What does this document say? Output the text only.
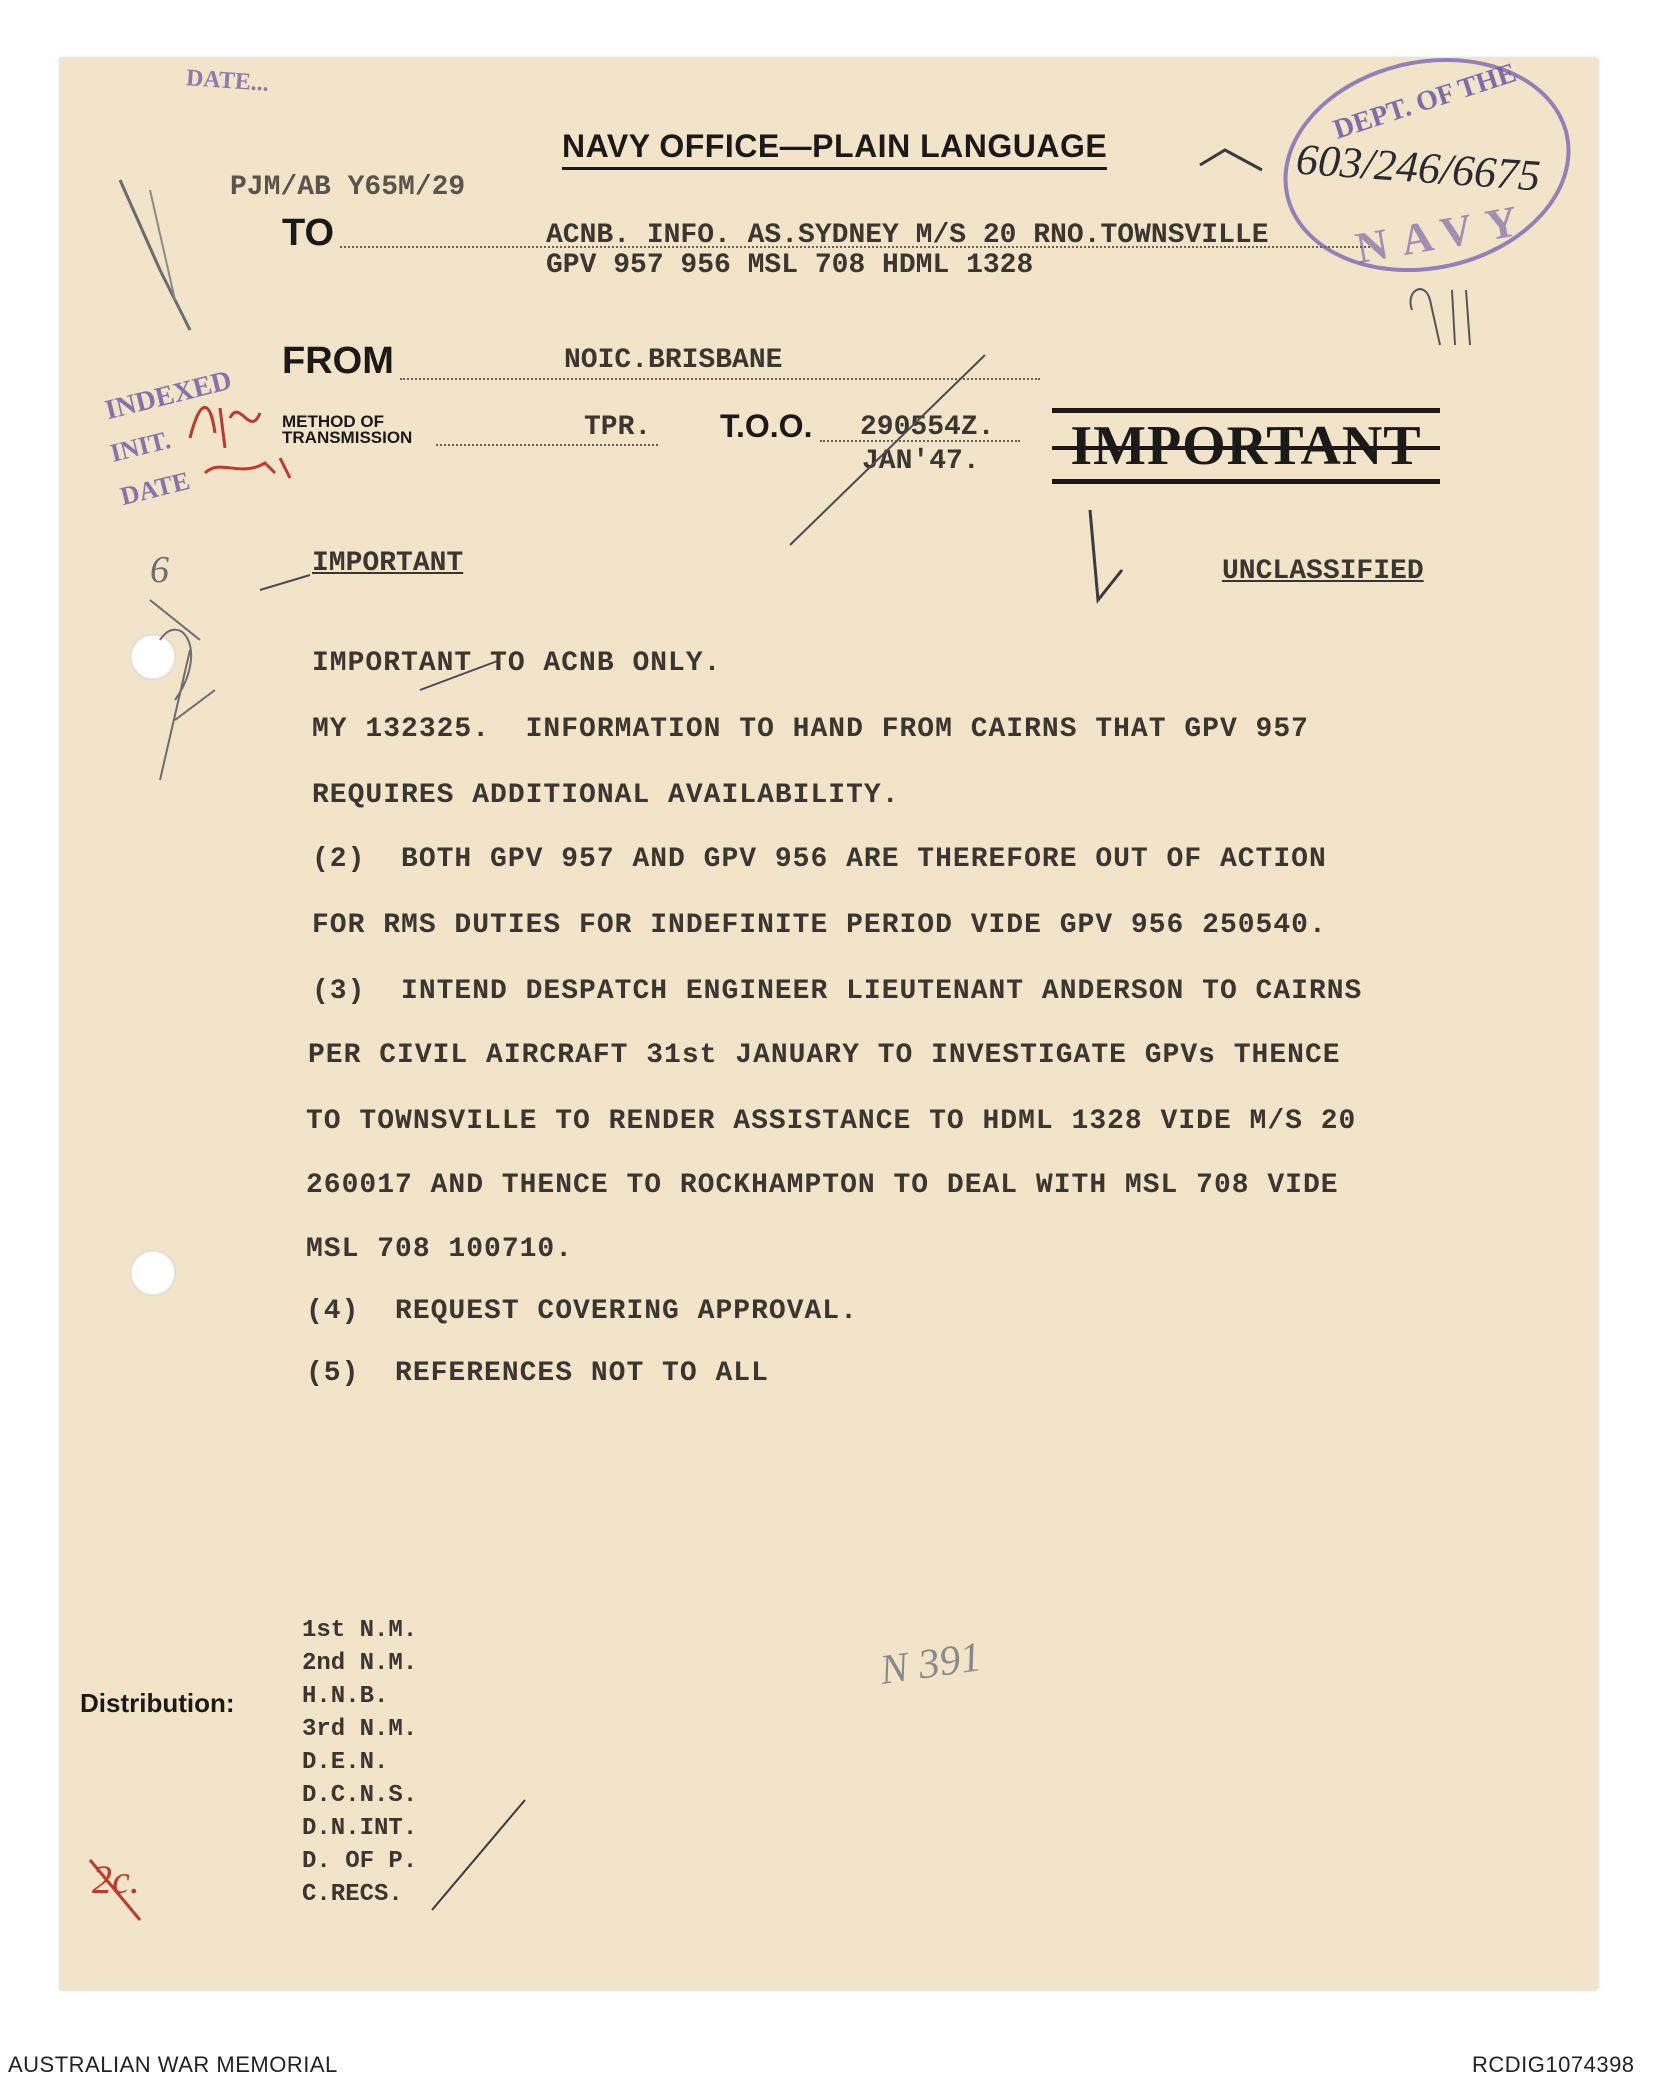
DATE...	DEPT. OF THE
NAVY
603/246/6675
INDEXED
INIT.
DATE
NAVY OFFICE—PLAIN LANGUAGE
PJM/AB Y65M/29
TO	ACNB. INFO. AS.SYDNEY M/S 20 RNO.TOWNSVILLE
GPV 957 956 MSL 708 HDML 1328
FROM	NOIC.BRISBANE
METHOD OF
TRANSMISSION	TPR. T.O.O. 290554Z.
JAN'47.

	IMPORTANT

6	IMPORTANT	UNCLASSIFIED
IMPORTANT TO ACNB ONLY.
MY 132325.  INFORMATION TO HAND FROM CAIRNS THAT GPV 957
REQUIRES ADDITIONAL AVAILABILITY.
(2)  BOTH GPV 957 AND GPV 956 ARE THEREFORE OUT OF ACTION
FOR RMS DUTIES FOR INDEFINITE PERIOD VIDE GPV 956 250540.
(3)  INTEND DESPATCH ENGINEER LIEUTENANT ANDERSON TO CAIRNS
PER CIVIL AIRCRAFT 31st JANUARY TO INVESTIGATE GPVs THENCE
TO TOWNSVILLE TO RENDER ASSISTANCE TO HDML 1328 VIDE M/S 20
260017 AND THENCE TO ROCKHAMPTON TO DEAL WITH MSL 708 VIDE
MSL 708 100710.
(4)  REQUEST COVERING APPROVAL.
(5)  REFERENCES NOT TO ALL
Distribution:
1st N.M.
2nd N.M.
H.N.B.
3rd N.M.
D.E.N.
D.C.N.S.
D.N.INT.
D. OF P.
C.RECS.
N 391
2c.
AUSTRALIAN WAR MEMORIAL	RCDIG1074398
